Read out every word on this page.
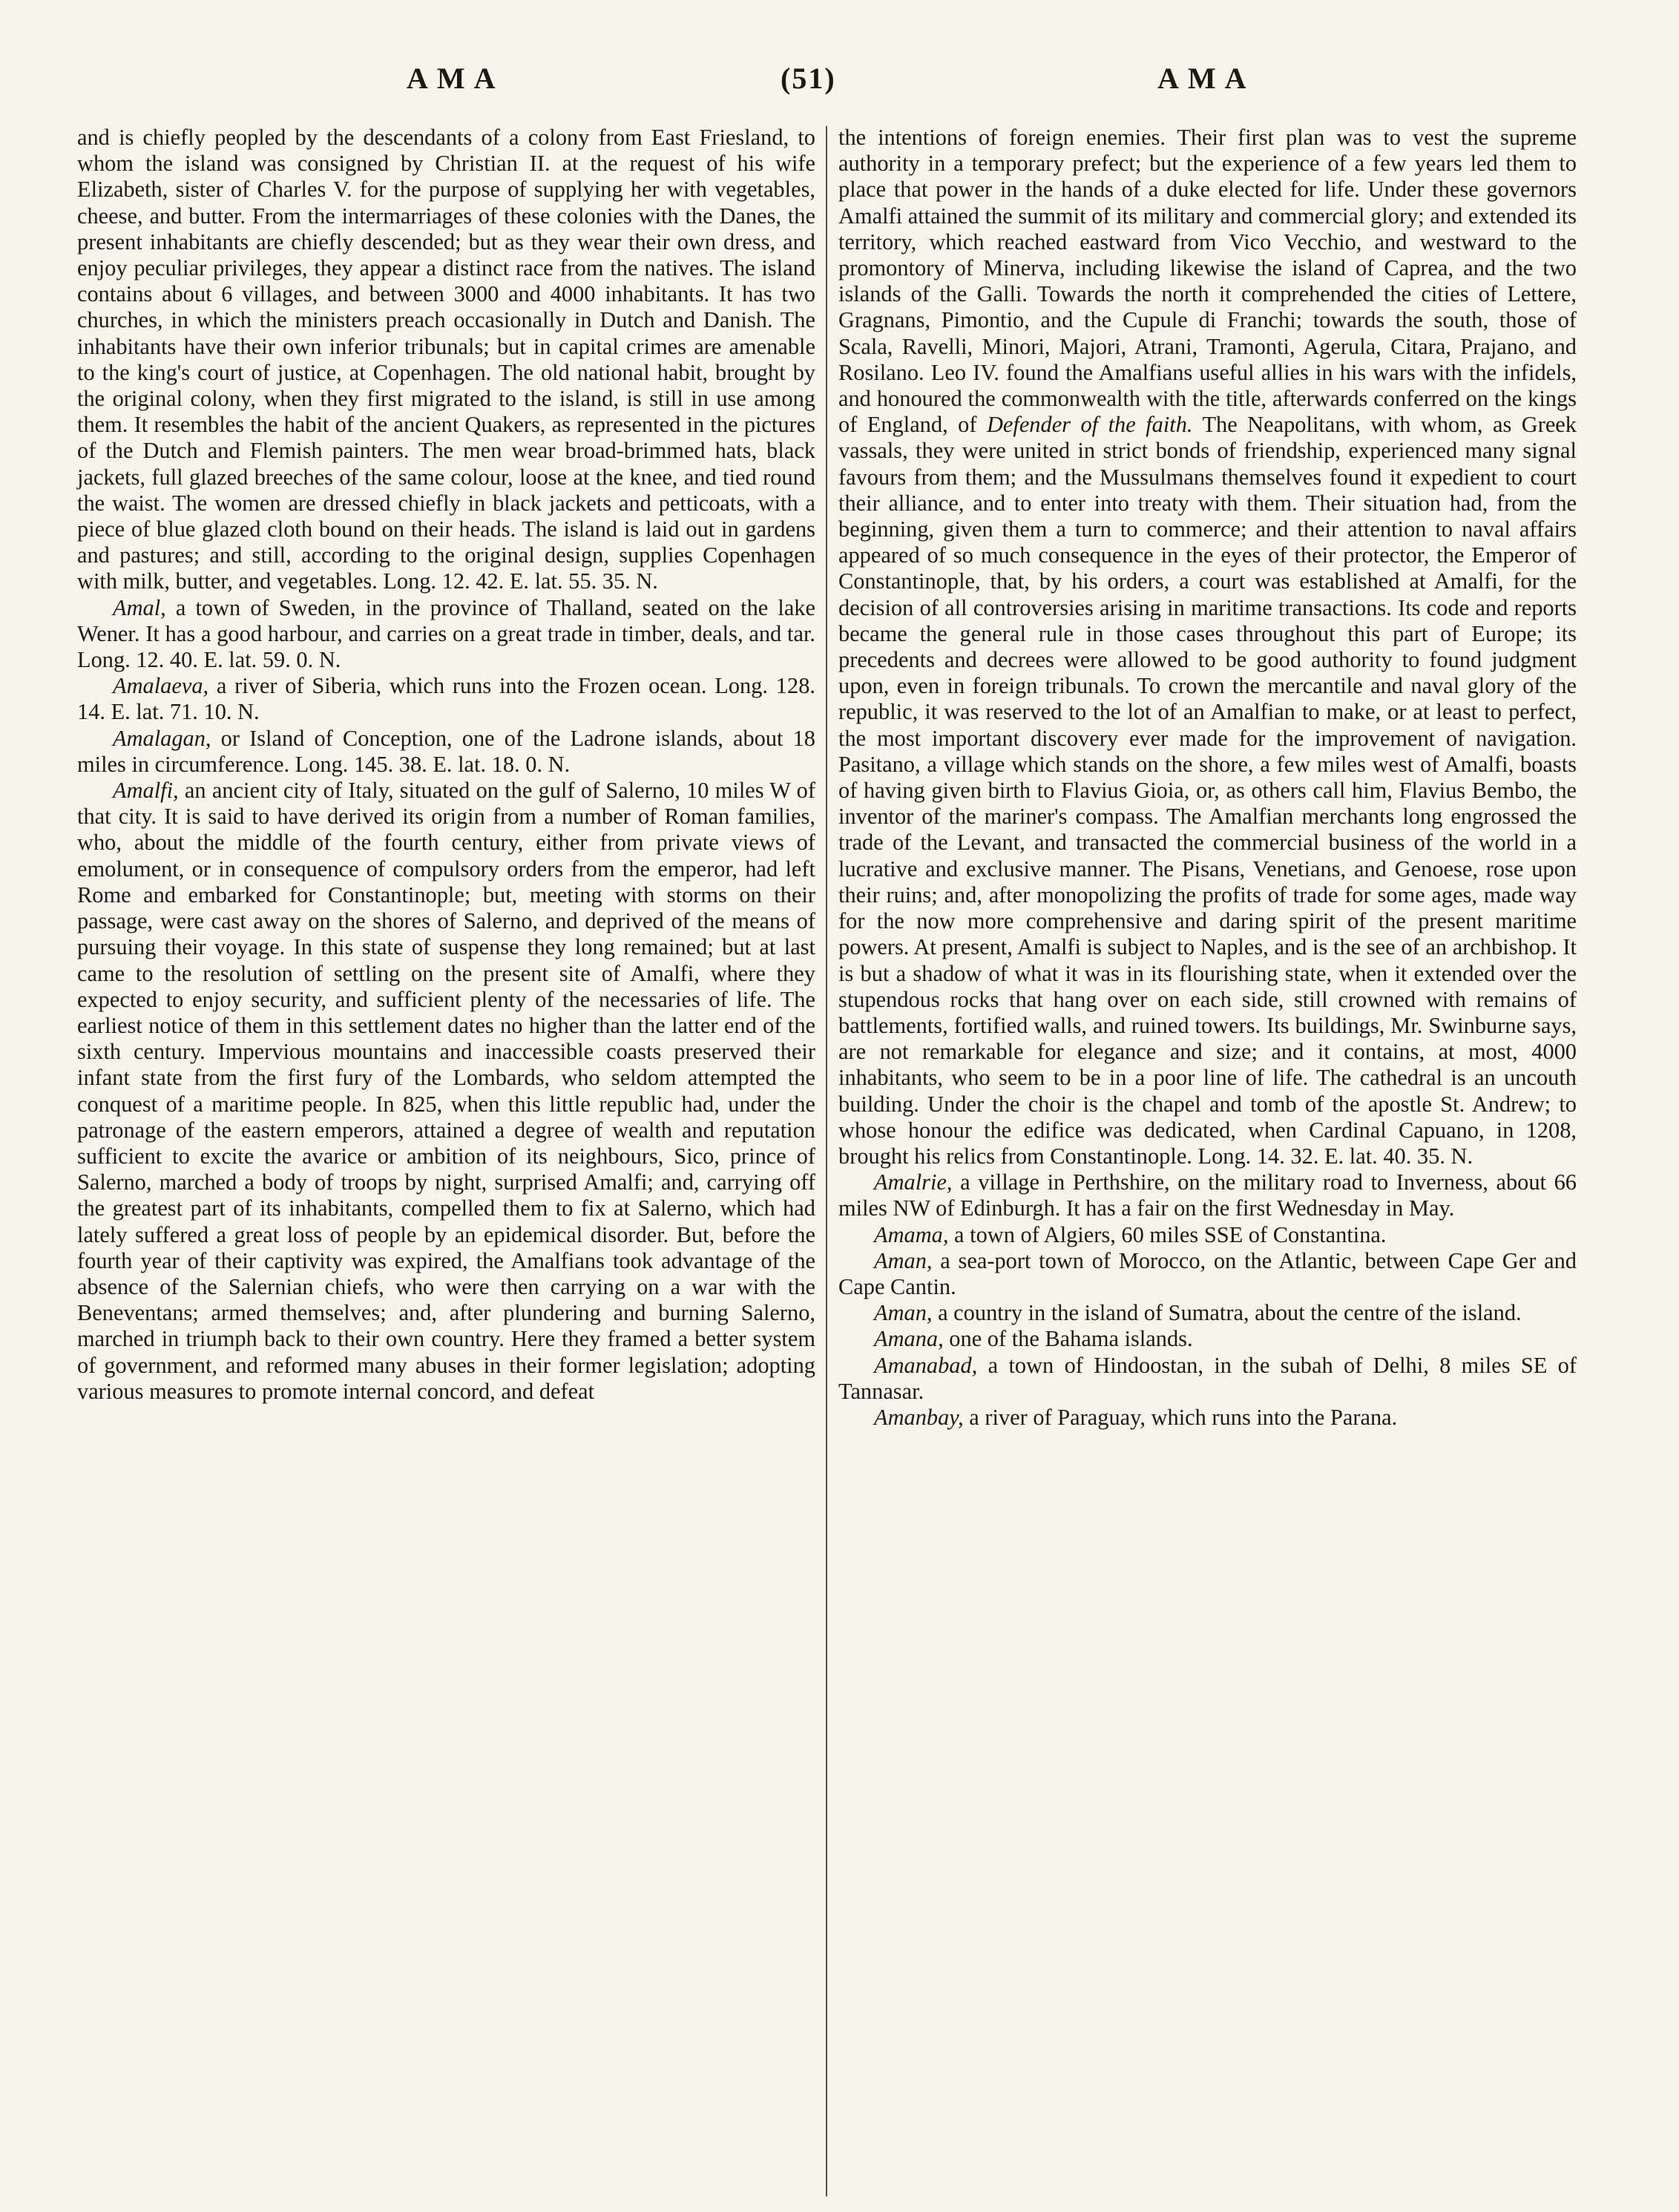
AMA	(51)	AMA

and is chiefly peopled by the descendants of a colony from East Friesland, to whom the island was consigned by Christian II. at the request of his wife Elizabeth, sister of Charles V. for the purpose of supplying her with vegetables, cheese, and butter. From the intermarriages of these colonies with the Danes, the present inhabitants are chiefly descended; but as they wear their own dress, and enjoy peculiar privileges, they appear a distinct race from the natives. The island contains about 6 villages, and between 3000 and 4000 inhabitants. It has two churches, in which the ministers preach occasionally in Dutch and Danish. The inhabitants have their own inferior tribunals; but in capital crimes are amenable to the king's court of justice, at Copenhagen. The old national habit, brought by the original colony, when they first migrated to the island, is still in use among them. It resembles the habit of the ancient Quakers, as represented in the pictures of the Dutch and Flemish painters. The men wear broad-brimmed hats, black jackets, full glazed breeches of the same colour, loose at the knee, and tied round the waist. The women are dressed chiefly in black jackets and petticoats, with a piece of blue glazed cloth bound on their heads. The island is laid out in gardens and pastures; and still, according to the original design, supplies Copenhagen with milk, butter, and vegetables. Long. 12. 42. E. lat. 55. 35. N.

Amal, a town of Sweden, in the province of Thalland, seated on the lake Wener. It has a good harbour, and carries on a great trade in timber, deals, and tar. Long. 12. 40. E. lat. 59. 0. N.

Amalaeva, a river of Siberia, which runs into the Frozen ocean. Long. 128. 14. E. lat. 71. 10. N.

Amalagan, or Island of Conception, one of the Ladrone islands, about 18 miles in circumference. Long. 145. 38. E. lat. 18. 0. N.

Amalfi, an ancient city of Italy, situated on the gulf of Salerno, 10 miles W of that city. It is said to have derived its origin from a number of Roman families, who, about the middle of the fourth century, either from private views of emolument, or in consequence of compulsory orders from the emperor, had left Rome and embarked for Constantinople; but, meeting with storms on their passage, were cast away on the shores of Salerno, and deprived of the means of pursuing their voyage. In this state of suspense they long remained; but at last came to the resolution of settling on the present site of Amalfi, where they expected to enjoy security, and sufficient plenty of the necessaries of life. The earliest notice of them in this settlement dates no higher than the latter end of the sixth century. Impervious mountains and inaccessible coasts preserved their infant state from the first fury of the Lombards, who seldom attempted the conquest of a maritime people. In 825, when this little republic had, under the patronage of the eastern emperors, attained a degree of wealth and reputation sufficient to excite the avarice or ambition of its neighbours, Sico, prince of Salerno, marched a body of troops by night, surprised Amalfi; and, carrying off the greatest part of its inhabitants, compelled them to fix at Salerno, which had lately suffered a great loss of people by an epidemical disorder. But, before the fourth year of their captivity was expired, the Amalfians took advantage of the absence of the Salernian chiefs, who were then carrying on a war with the Beneventans; armed themselves; and, after plundering and burning Salerno, marched in triumph back to their own country. Here they framed a better system of government, and reformed many abuses in their former legislation; adopting various measures to promote internal concord, and defeat

the intentions of foreign enemies. Their first plan was to vest the supreme authority in a temporary prefect; but the experience of a few years led them to place that power in the hands of a duke elected for life. Under these governors Amalfi attained the summit of its military and commercial glory; and extended its territory, which reached eastward from Vico Vecchio, and westward to the promontory of Minerva, including likewise the island of Caprea, and the two islands of the Galli. Towards the north it comprehended the cities of Lettere, Gragnans, Pimontio, and the Cupule di Franchi; towards the south, those of Scala, Ravelli, Minori, Majori, Atrani, Tramonti, Agerula, Citara, Prajano, and Rosilano. Leo IV. found the Amalfians useful allies in his wars with the infidels, and honoured the commonwealth with the title, afterwards conferred on the kings of England, of Defender of the faith. The Neapolitans, with whom, as Greek vassals, they were united in strict bonds of friendship, experienced many signal favours from them; and the Mussulmans themselves found it expedient to court their alliance, and to enter into treaty with them. Their situation had, from the beginning, given them a turn to commerce; and their attention to naval affairs appeared of so much consequence in the eyes of their protector, the Emperor of Constantinople, that, by his orders, a court was established at Amalfi, for the decision of all controversies arising in maritime transactions. Its code and reports became the general rule in those cases throughout this part of Europe; its precedents and decrees were allowed to be good authority to found judgment upon, even in foreign tribunals. To crown the mercantile and naval glory of the republic, it was reserved to the lot of an Amalfian to make, or at least to perfect, the most important discovery ever made for the improvement of navigation. Pasitano, a village which stands on the shore, a few miles west of Amalfi, boasts of having given birth to Flavius Gioia, or, as others call him, Flavius Bembo, the inventor of the mariner's compass. The Amalfian merchants long engrossed the trade of the Levant, and transacted the commercial business of the world in a lucrative and exclusive manner. The Pisans, Venetians, and Genoese, rose upon their ruins; and, after monopolizing the profits of trade for some ages, made way for the now more comprehensive and daring spirit of the present maritime powers. At present, Amalfi is subject to Naples, and is the see of an archbishop. It is but a shadow of what it was in its flourishing state, when it extended over the stupendous rocks that hang over on each side, still crowned with remains of battlements, fortified walls, and ruined towers. Its buildings, Mr. Swinburne says, are not remarkable for elegance and size; and it contains, at most, 4000 inhabitants, who seem to be in a poor line of life. The cathedral is an uncouth building. Under the choir is the chapel and tomb of the apostle St. Andrew; to whose honour the edifice was dedicated, when Cardinal Capuano, in 1208, brought his relics from Constantinople. Long. 14. 32. E. lat. 40. 35. N.

Amalrie, a village in Perthshire, on the military road to Inverness, about 66 miles NW of Edinburgh. It has a fair on the first Wednesday in May.

Amama, a town of Algiers, 60 miles SSE of Constantina.

Aman, a sea-port town of Morocco, on the Atlantic, between Cape Ger and Cape Cantin.

Aman, a country in the island of Sumatra, about the centre of the island.

Amana, one of the Bahama islands.

Amanabad, a town of Hindoostan, in the subah of Delhi, 8 miles SE of Tannasar.

Amanbay, a river of Paraguay, which runs into the Parana.
